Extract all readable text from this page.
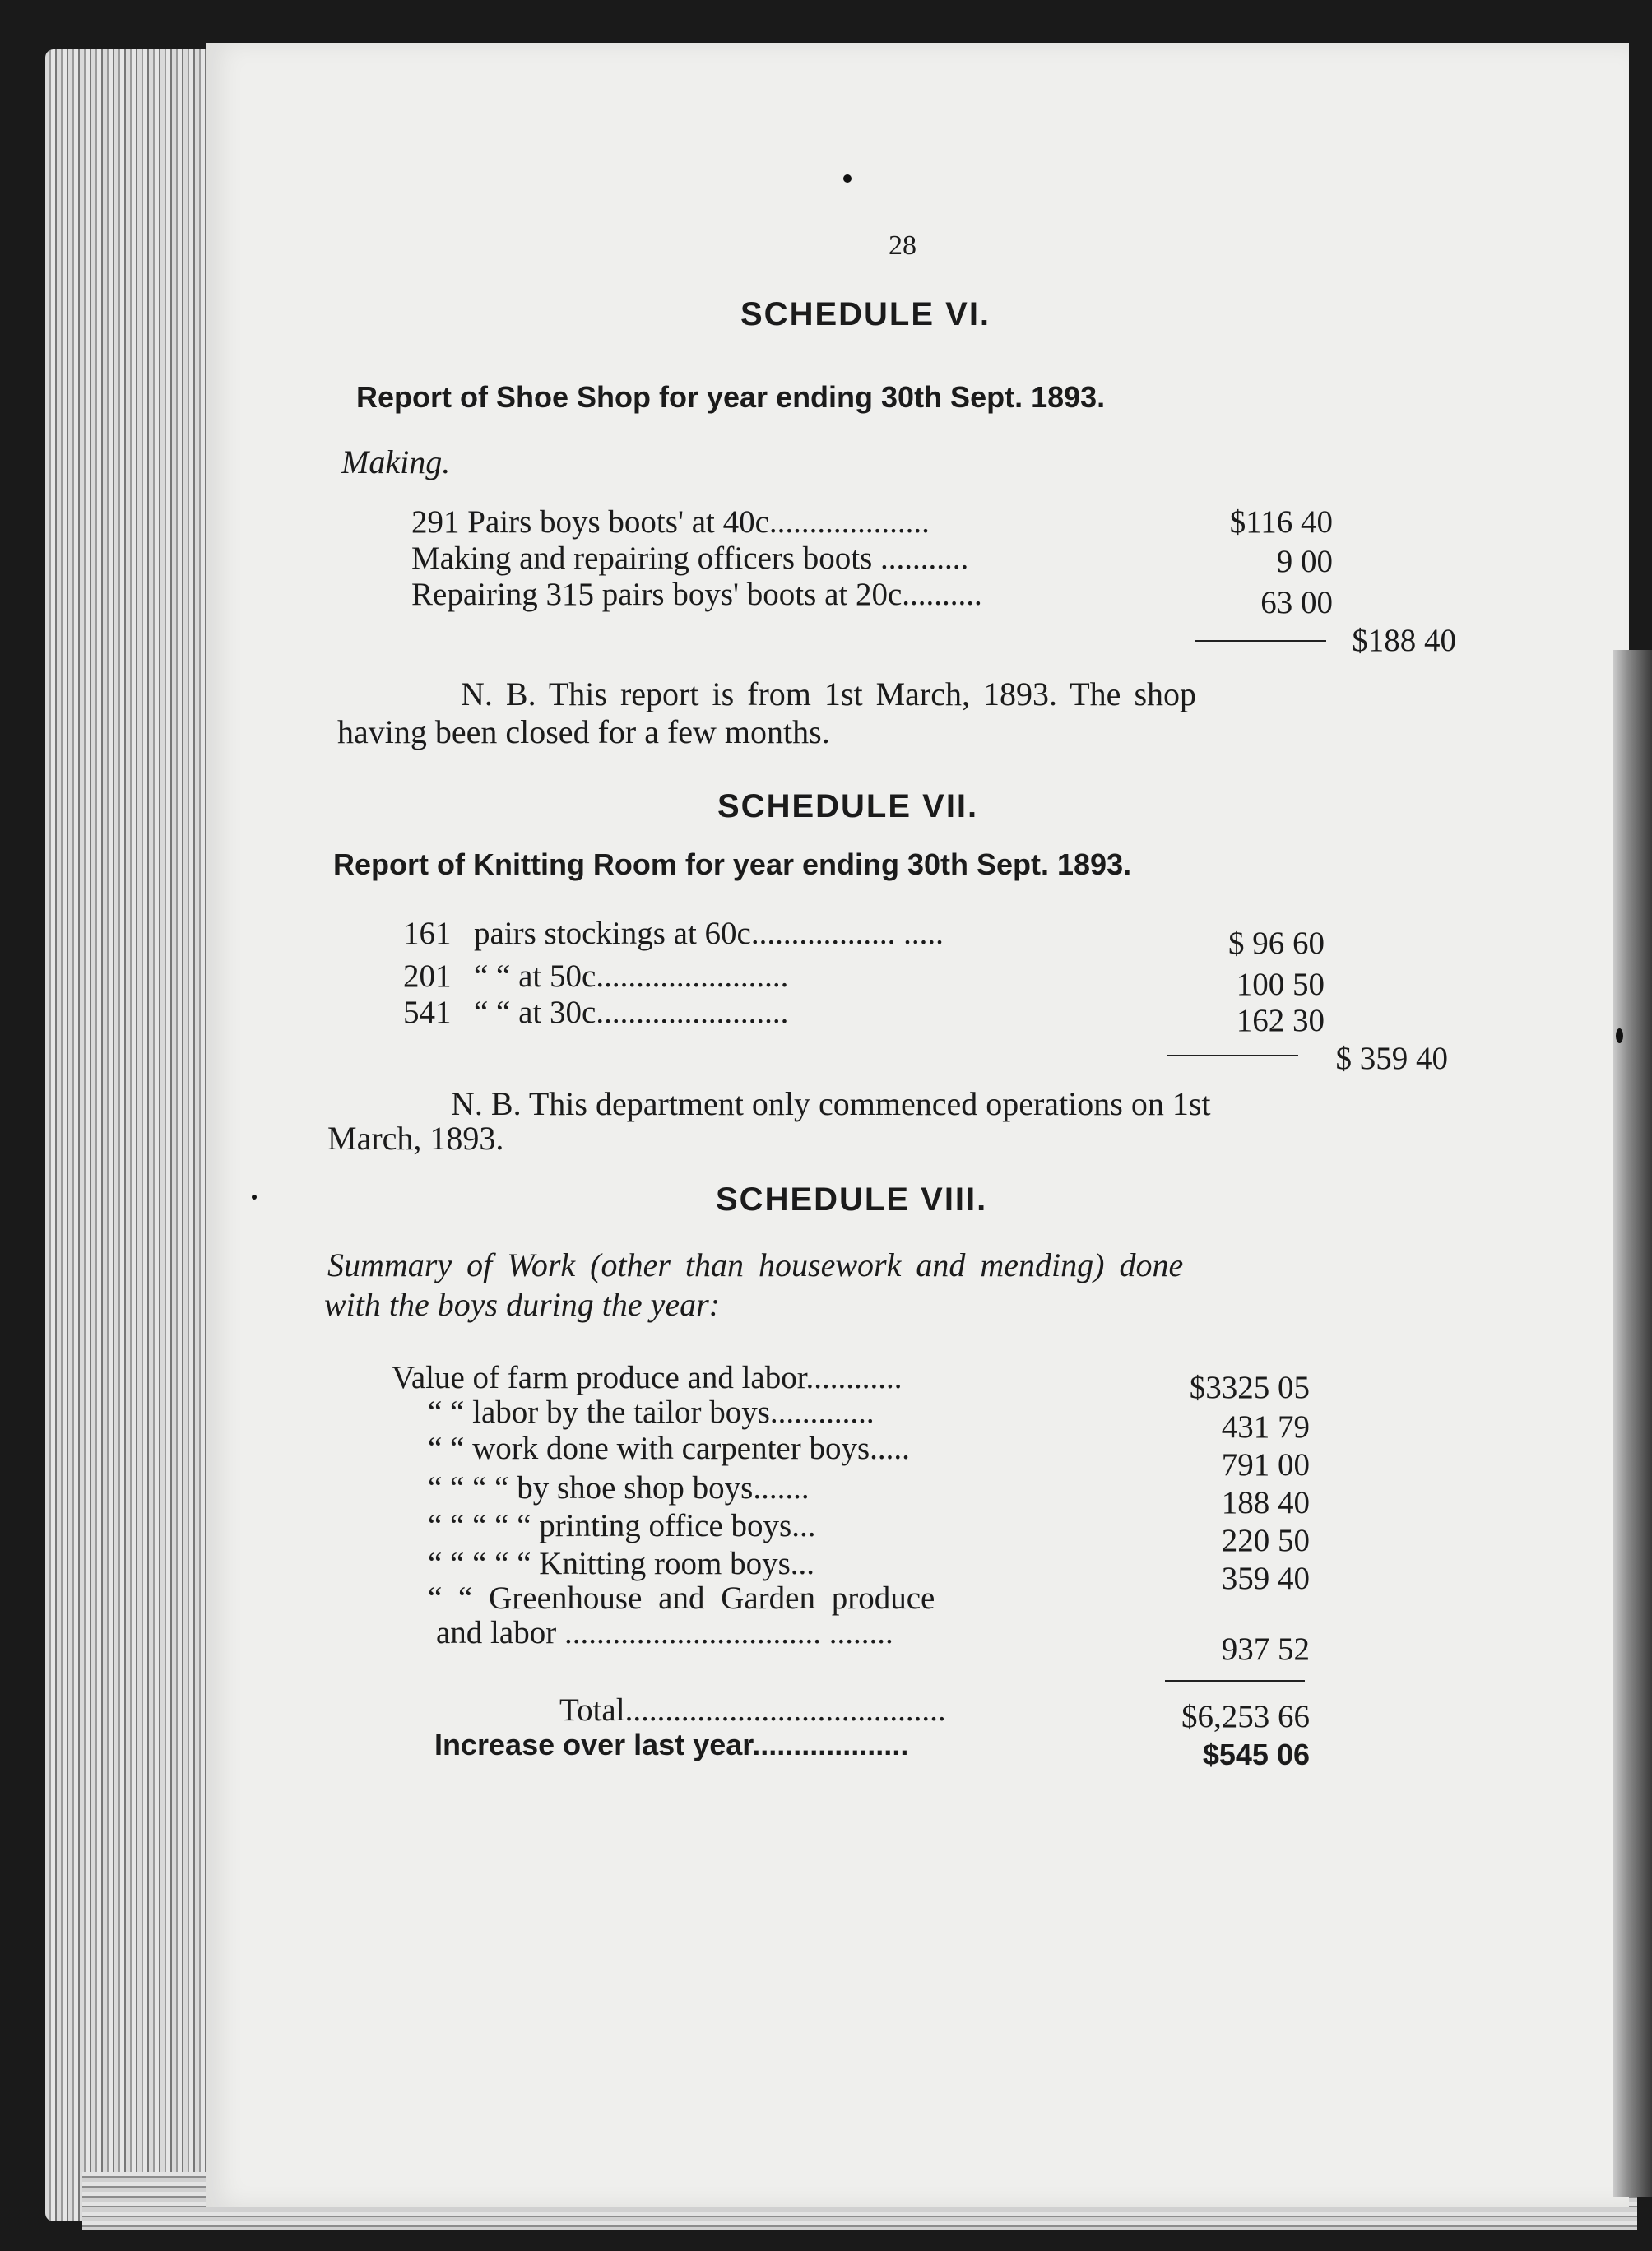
28
SCHEDULE VI.
Report of Shoe Shop for year ending 30th Sept. 1893.
Making.
291 Pairs boys boots' at 40c....................	$116 40
Making and repairing officers boots ...........	9 00
Repairing 315 pairs boys' boots at 20c..........	63 00
$188 40
N. B. This report is from 1st March, 1893. The shop
having been closed for a few months.
SCHEDULE VII.
Report of Knitting Room for year ending 30th Sept. 1893.
161 pairs stockings at 60c.................. .....	$ 96 60
201 “ “ at 50c........................	100 50
541 “ “ at 30c........................	162 30
$ 359 40
N. B. This department only commenced operations on 1st
March, 1893.
SCHEDULE VIII.
Summary of Work (other than housework and mending) done
with the boys during the year:
Value of farm produce and labor............	$3325 05
“ “ labor by the tailor boys.............	431 79
“ “ work done with carpenter boys.....	791 00
“ “ “ “ by shoe shop boys.......	188 40
“ “ “ “ “ printing office boys...	220 50
“ “ “ “ “ Knitting room boys...	359 40
“ “ Greenhouse and Garden produce
and labor ................................ ........	937 52
Total........................................	$6,253 66
Increase over last year...................	$545 06
